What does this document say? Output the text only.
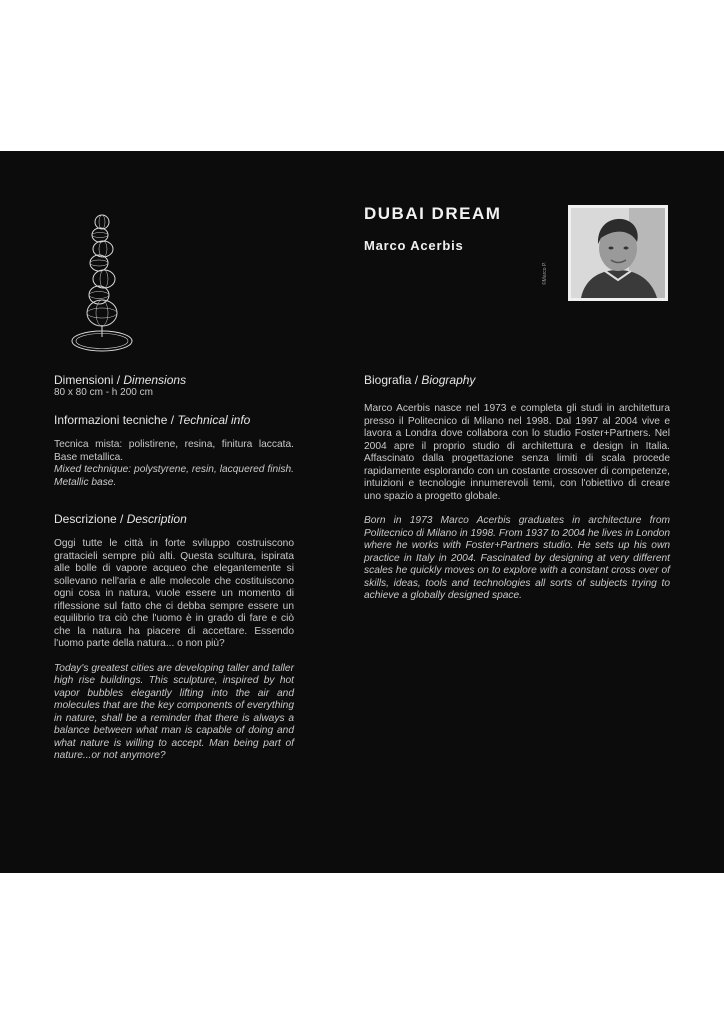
Dimensioni / Dimensions

80 x 80 cm - h 200 cm

Informazioni tecniche / Technical info

Tecnica mista: polistirene, resina, finitura laccata. Base metallica.

Mixed technique: polystyrene, resin, lacquered finish. Metallic base.

Descrizione / Description

Oggi tutte le città in forte sviluppo costruiscono grattacieli sempre più alti. Questa scultura, ispirata alle bolle di vapore acqueo che elegantemente si sollevano nell'aria e alle molecole che costituiscono ogni cosa in natura, vuole essere un momento di riflessione sul fatto che ci debba sempre essere un equilibrio tra ciò che l'uomo è in grado di fare e ciò che la natura ha piacere di accettare. Essendo l'uomo parte della natura... o non più?

Today's greatest cities are developing taller and taller high rise buildings. This sculpture, inspired by hot vapor bubbles elegantly lifting into the air and molecules that are the key components of everything in nature, shall be a reminder that there is always a balance between what man is capable of doing and what nature is willing to accept. Man being part of nature...or not anymore?

DUBAI DREAM

Marco Acerbis

©Marco P.

Biografia / Biography

Marco Acerbis nasce nel 1973 e completa gli studi in architettura presso il Politecnico di Milano nel 1998. Dal 1997 al 2004 vive e lavora a Londra dove collabora con lo studio Foster+Partners. Nel 2004 apre il proprio studio di architettura e design in Italia. Affascinato dalla progettazione senza limiti di scala procede rapidamente esplorando con un costante crossover di competenze, intuizioni e tecnologie innumerevoli temi, con l'obiettivo di creare uno spazio a progetto globale.

Born in 1973 Marco Acerbis graduates in architecture from Politecnico di Milano in 1998. From 1937 to 2004 he lives in London where he works with Foster+Partners studio. He sets up his own practice in Italy in 2004. Fascinated by designing at very different scales he quickly moves on to explore with a constant cross over of skills, ideas, tools and technologies all sorts of subjects trying to achieve a globally designed space.
